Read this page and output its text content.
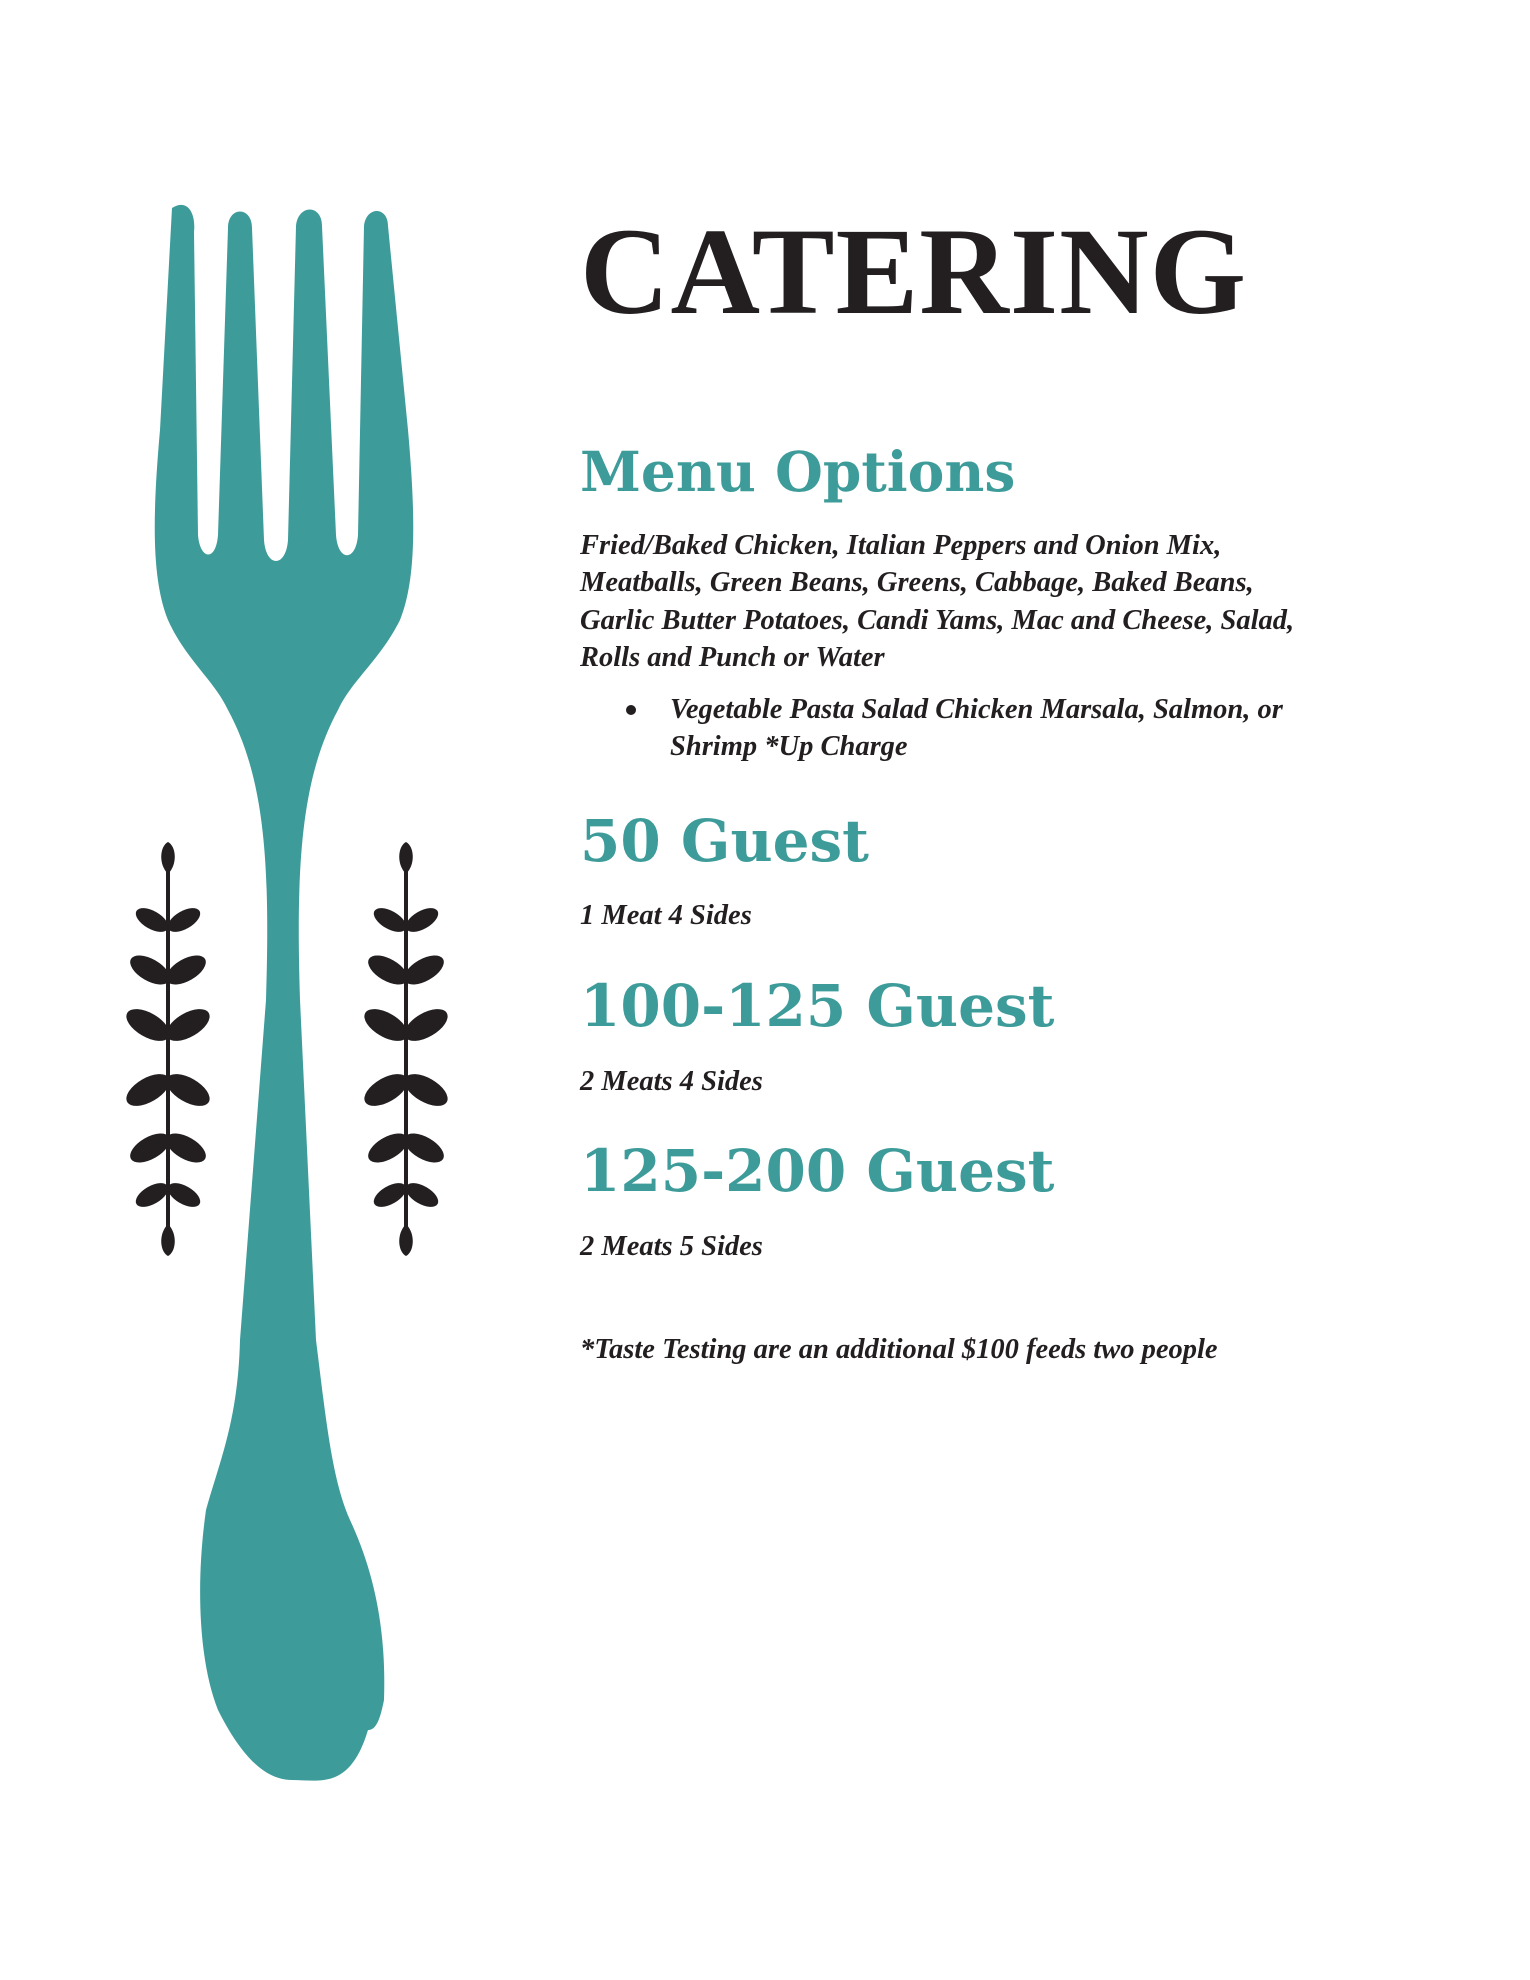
CATERING
Menu Options

Fried/Baked Chicken, Italian Peppers and Onion Mix, Meatballs, Green Beans, Greens, Cabbage, Baked Beans, Garlic Butter Potatoes, Candi Yams, Mac and Cheese, Salad, Rolls and Punch or Water

Vegetable Pasta Salad Chicken Marsala, Salmon, or Shrimp *Up Charge
50 Guest

1 Meat 4 Sides

100-125 Guest

2 Meats 4 Sides

125-200 Guest

2 Meats 5 Sides

*Taste Testing are an additional $100 feeds two people
